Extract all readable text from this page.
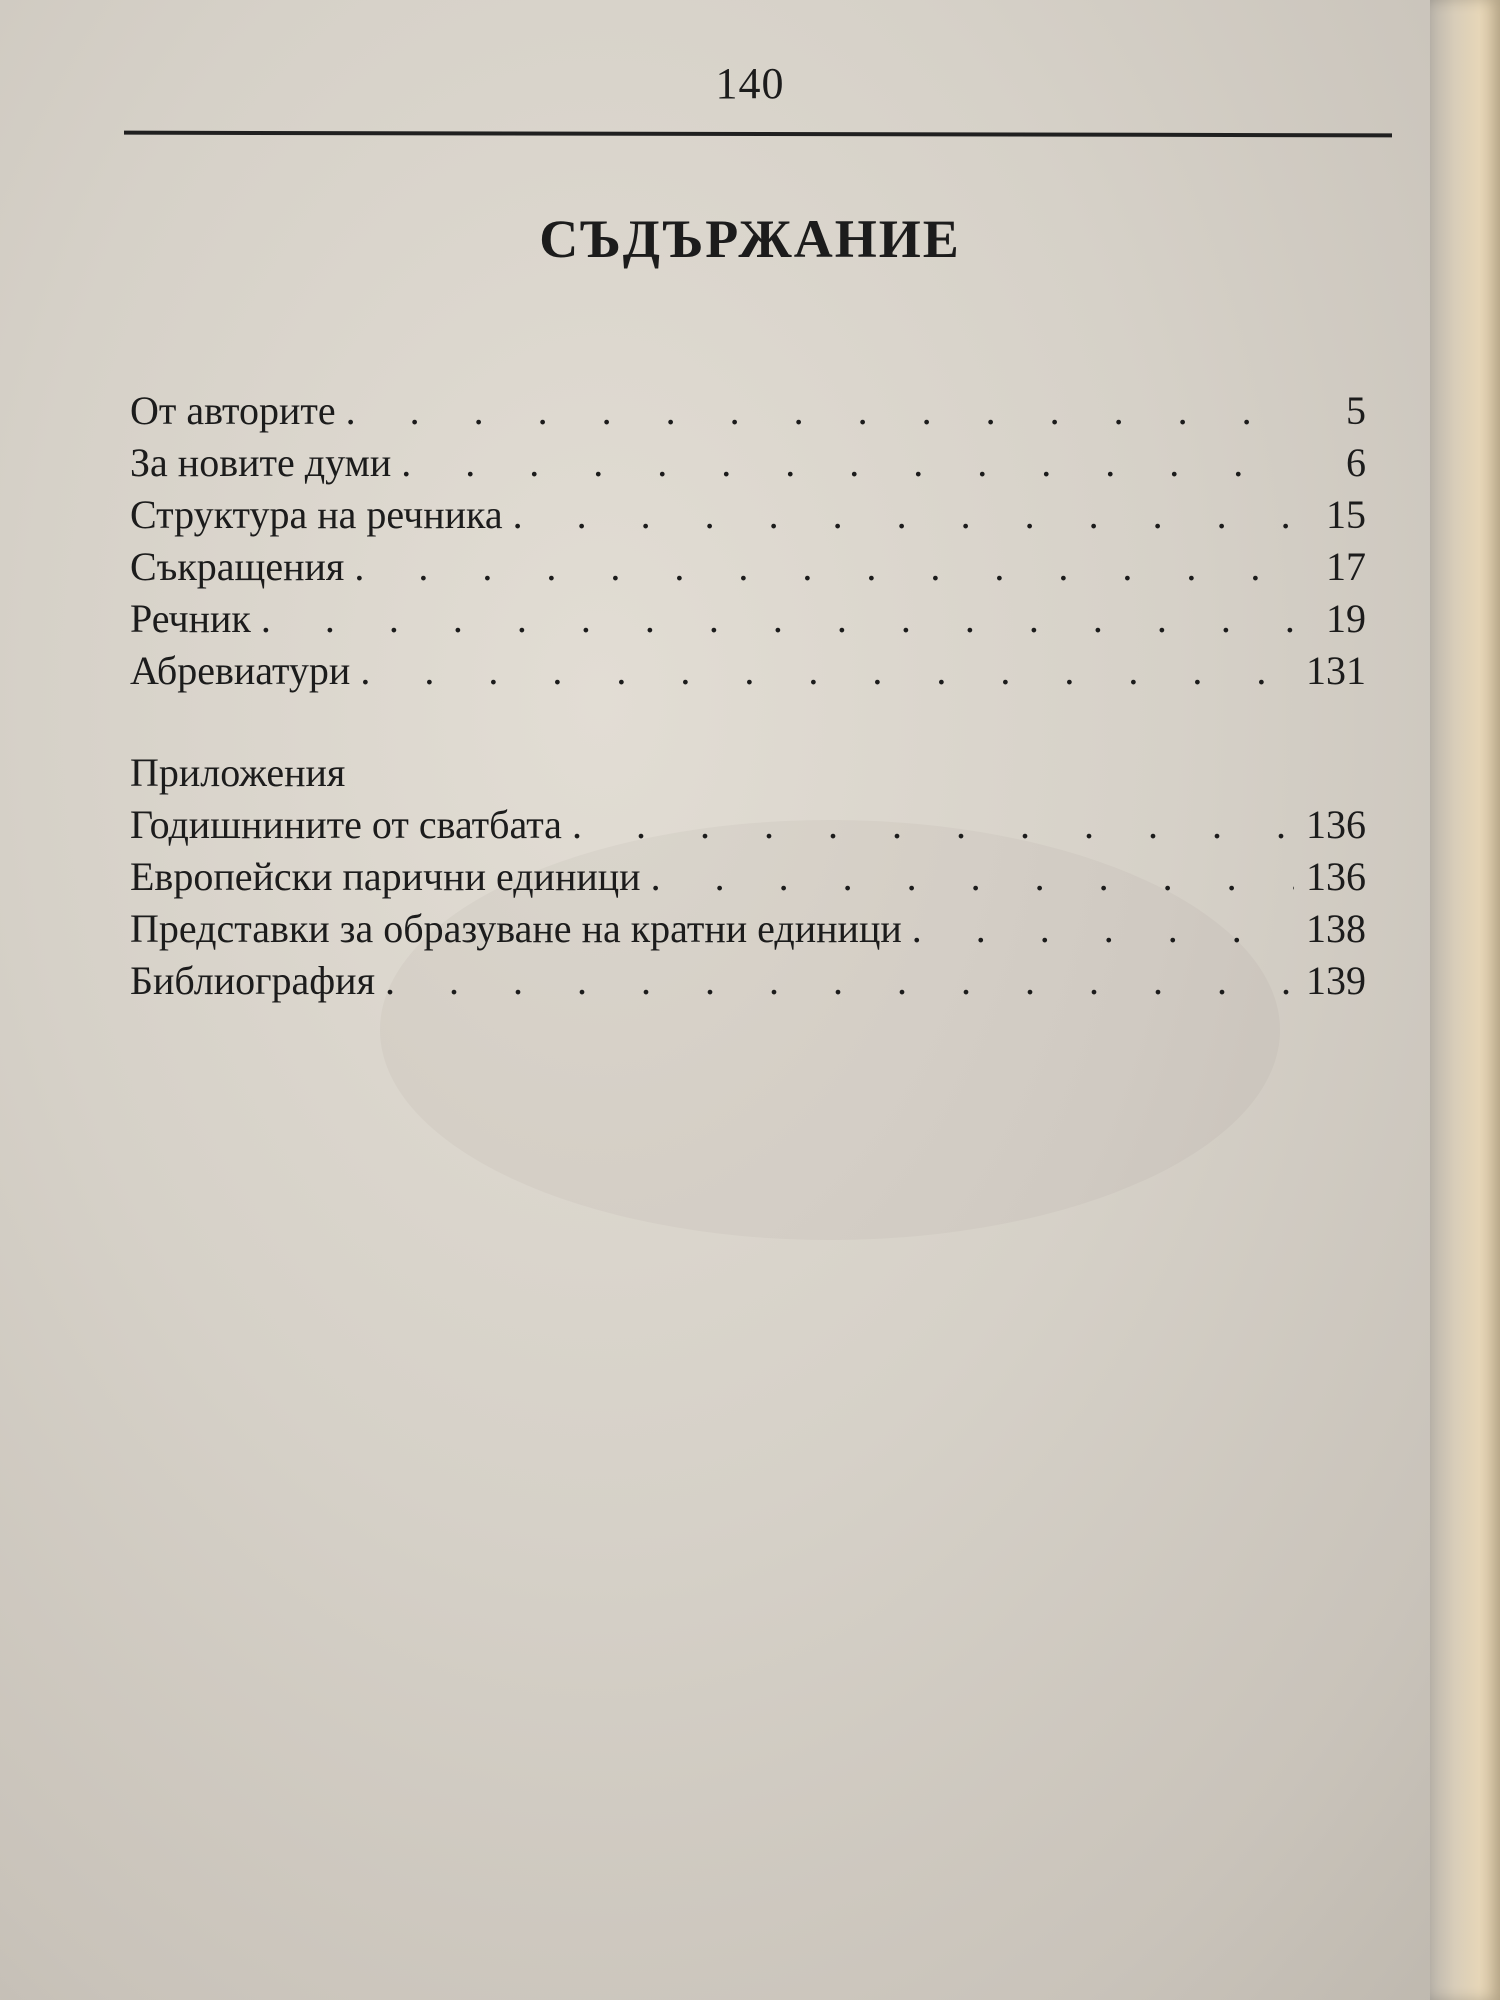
140
СЪДЪРЖАНИЕ
От авторите . . .	5
За новите думи . . .	6
Структура на речника . . .	15
Съкращения . . .	17
Речник . . .	19
Абревиатури . . .	131
Приложения
Годишнините от сватбата . . .	136
Европейски парични единици . . .	136
Представки за образуване на кратни единици . . .	138
Библиография . . .	139
